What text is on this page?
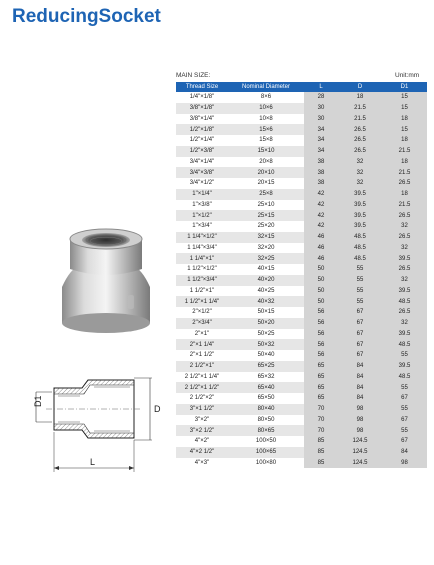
ReducingSocket
MAIN SIZE:	Unit:mm
Thread Size	Nominal Diameter	L	D	D1
1/4"×1/8"	8×6	28	18	15
3/8"×1/8"	10×6	30	21.5	15
3/8"×1/4"	10×8	30	21.5	18
1/2"×1/8"	15×6	34	26.5	15
1/2"×1/4"	15×8	34	26.5	18
1/2"×3/8"	15×10	34	26.5	21.5
3/4"×1/4"	20×8	38	32	18
3/4"×3/8"	20×10	38	32	21.5
3/4"×1/2"	20×15	38	32	26.5
1"×1/4"	25×8	42	39.5	18
1"×3/8"	25×10	42	39.5	21.5
1"×1/2"	25×15	42	39.5	26.5
1"×3/4"	25×20	42	39.5	32
1 1/4"×1/2"	32×15	46	48.5	26.5
1 1/4"×3/4"	32×20	46	48.5	32
1 1/4"×1"	32×25	46	48.5	39.5
1 1/2"×1/2"	40×15	50	55	26.5
1 1/2"×3/4"	40×20	50	55	32
1 1/2"×1"	40×25	50	55	39.5
1 1/2"×1 1/4"	40×32	50	55	48.5
2"×1/2"	50×15	56	67	26.5
2"×3/4"	50×20	56	67	32
2"×1"	50×25	56	67	39.5
2"×1 1/4"	50×32	56	67	48.5
2"×1 1/2"	50×40	56	67	55
2 1/2"×1"	65×25	65	84	39.5
2 1/2"×1 1/4"	65×32	65	84	48.5
2 1/2"×1 1/2"	65×40	65	84	55
2 1/2"×2"	65×50	65	84	67
3"×1 1/2"	80×40	70	98	55
3"×2"	80×50	70	98	67
3"×2 1/2"	80×65	70	98	55
4"×2"	100×50	85	124.5	67
4"×2 1/2"	100×65	85	124.5	84
4"×3"	100×80	85	124.5	98
D1
D
L
